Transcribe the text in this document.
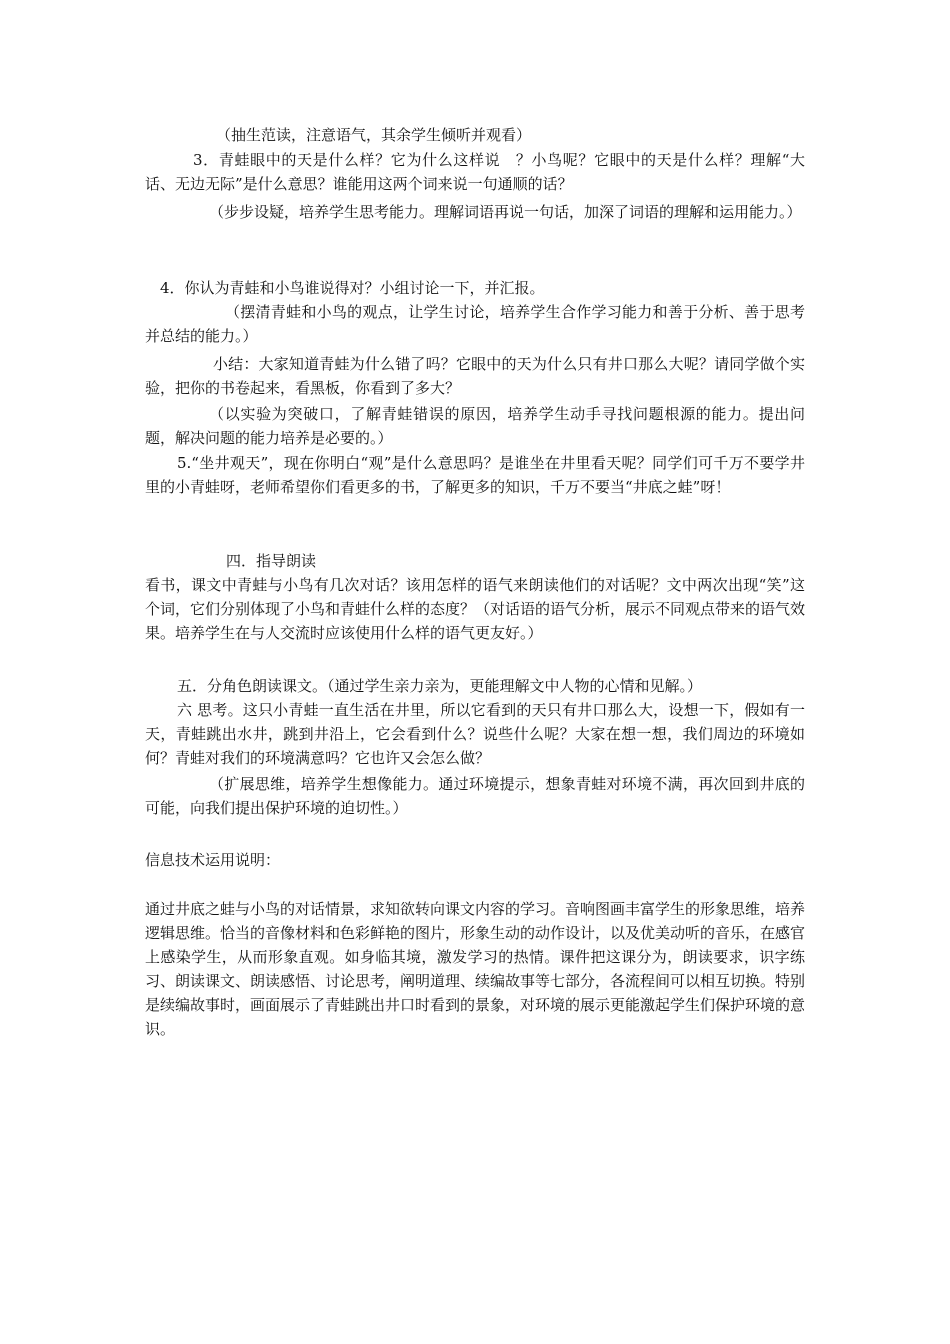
（抽生范读，注意语气，其余学生倾听并观看）
3．青蛙眼中的天是什么样？它为什么这样说　？小鸟呢？它眼中的天是什么样？理解“大话、无边无际”是什么意思？谁能用这两个词来说一句通顺的话？
（步步设疑，培养学生思考能力。理解词语再说一句话，加深了词语的理解和运用能力。）
4．你认为青蛙和小鸟谁说得对？小组讨论一下，并汇报。
（摆清青蛙和小鸟的观点，让学生讨论，培养学生合作学习能力和善于分析、善于思考并总结的能力。）
小结：大家知道青蛙为什么错了吗？它眼中的天为什么只有井口那么大呢？请同学做个实验，把你的书卷起来，看黑板，你看到了多大？
（以实验为突破口，了解青蛙错误的原因，培养学生动手寻找问题根源的能力。提出问题，解决问题的能力培养是必要的。）
5.“坐井观天”，现在你明白“观”是什么意思吗？是谁坐在井里看天呢？同学们可千万不要学井里的小青蛙呀，老师希望你们看更多的书，了解更多的知识，千万不要当“井底之蛙”呀！
四．指导朗读
看书，课文中青蛙与小鸟有几次对话？该用怎样的语气来朗读他们的对话呢？文中两次出现“笑”这个词，它们分别体现了小鸟和青蛙什么样的态度？（对话语的语气分析，展示不同观点带来的语气效果。培养学生在与人交流时应该使用什么样的语气更友好。）
五．分角色朗读课文。（通过学生亲力亲为，更能理解文中人物的心情和见解。）
六 思考。这只小青蛙一直生活在井里，所以它看到的天只有井口那么大，设想一下，假如有一天，青蛙跳出水井，跳到井沿上，它会看到什么？说些什么呢？大家在想一想，我们周边的环境如何？青蛙对我们的环境满意吗？它也许又会怎么做？
（扩展思维，培养学生想像能力。通过环境提示，想象青蛙对环境不满，再次回到井底的可能，向我们提出保护环境的迫切性。）
信息技术运用说明：
通过井底之蛙与小鸟的对话情景，求知欲转向课文内容的学习。音响图画丰富学生的形象思维，培养逻辑思维。恰当的音像材料和色彩鲜艳的图片，形象生动的动作设计，以及优美动听的音乐，在感官上感染学生，从而形象直观。如身临其境，激发学习的热情。课件把这课分为，朗读要求，识字练习、朗读课文、朗读感悟、讨论思考，阐明道理、续编故事等七部分，各流程间可以相互切换。特别是续编故事时，画面展示了青蛙跳出井口时看到的景象，对环境的展示更能激起学生们保护环境的意识。
